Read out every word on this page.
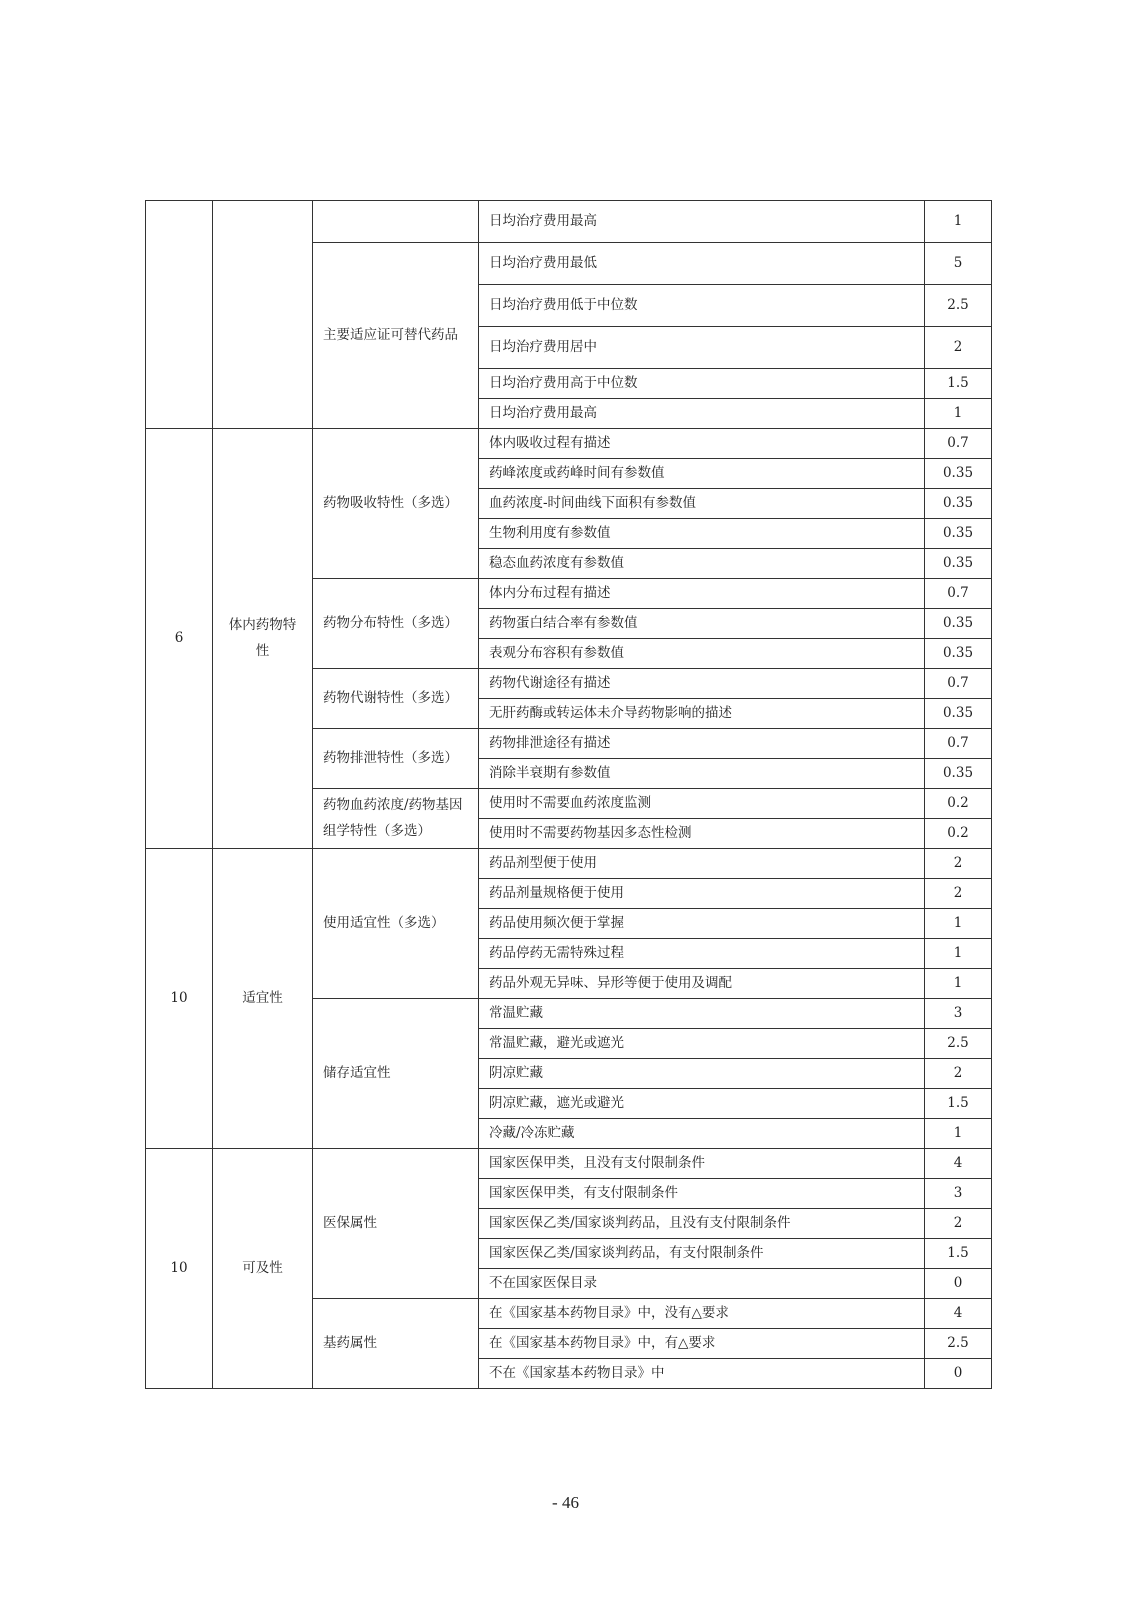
			日均治疗费用最高	1
		主要适应证可替代药品	日均治疗费用最低	5
			日均治疗费用低于中位数	2.5
			日均治疗费用居中	2
			日均治疗费用高于中位数	1.5
			日均治疗费用最高	1
6	体内药物特性	药物吸收特性（多选）	体内吸收过程有描述	0.7
			药峰浓度或药峰时间有参数值	0.35
			血药浓度-时间曲线下面积有参数值	0.35
			生物利用度有参数值	0.35
			稳态血药浓度有参数值	0.35
		药物分布特性（多选）	体内分布过程有描述	0.7
			药物蛋白结合率有参数值	0.35
			表观分布容积有参数值	0.35
		药物代谢特性（多选）	药物代谢途径有描述	0.7
			无肝药酶或转运体未介导药物影响的描述	0.35
		药物排泄特性（多选）	药物排泄途径有描述	0.7
			消除半衰期有参数值	0.35
		药物血药浓度/药物基因组学特性（多选）	使用时不需要血药浓度监测	0.2
			使用时不需要药物基因多态性检测	0.2
10	适宜性	使用适宜性（多选）	药品剂型便于使用	2
			药品剂量规格便于使用	2
			药品使用频次便于掌握	1
			药品停药无需特殊过程	1
			药品外观无异味、异形等便于使用及调配	1
		储存适宜性	常温贮藏	3
			常温贮藏，避光或遮光	2.5
			阴凉贮藏	2
			阴凉贮藏，遮光或避光	1.5
			冷藏/冷冻贮藏	1
10	可及性	医保属性	国家医保甲类，且没有支付限制条件	4
			国家医保甲类，有支付限制条件	3
			国家医保乙类/国家谈判药品，且没有支付限制条件	2
			国家医保乙类/国家谈判药品，有支付限制条件	1.5
			不在国家医保目录	0
		基药属性	在《国家基本药物目录》中，没有△要求	4
			在《国家基本药物目录》中，有△要求	2.5
			不在《国家基本药物目录》中	0
- 46
